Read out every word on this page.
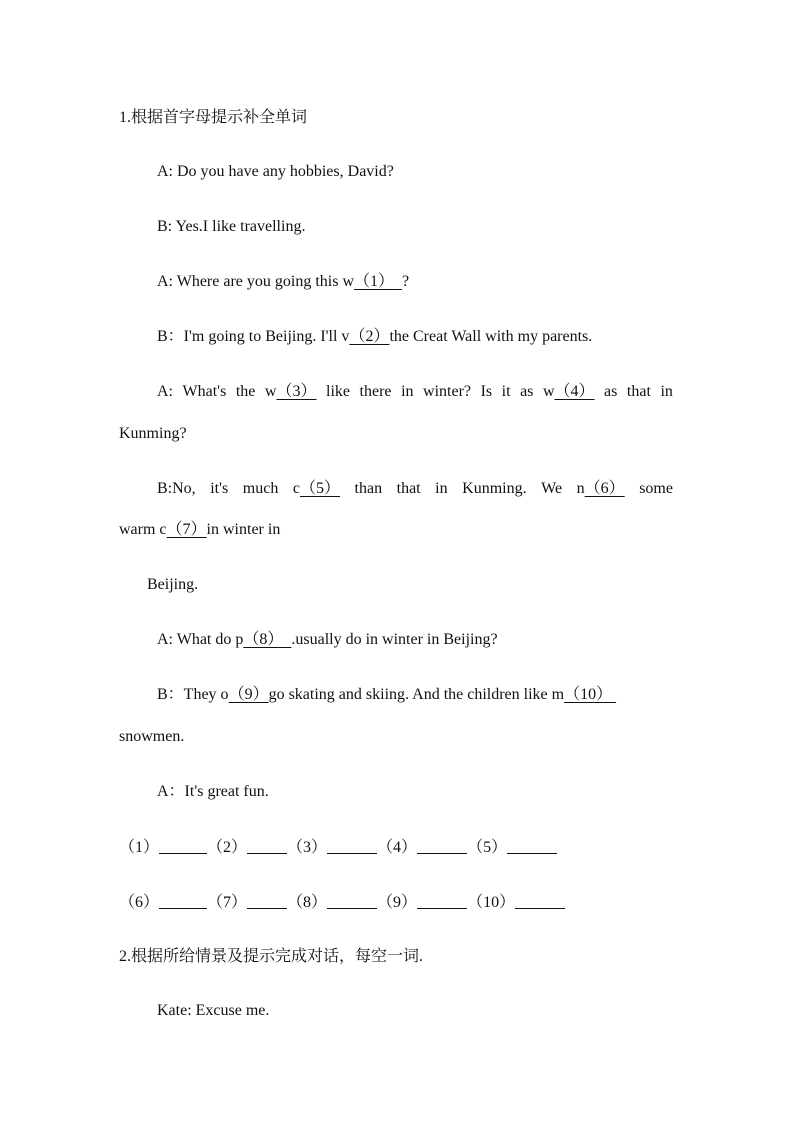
1.根据首字母提示补全单词
A: Do you have any hobbies, David?
B: Yes.I like travelling.
A: Where are you going this w（1） ?
B：I'm going to Beijing. I'll v（2）the Creat Wall with my parents.
A: What's the w（3） like there in winter? Is it as w（4） as that in
Kunming?
B:No, it's much c（5） than that in Kunming. We n（6） some
warm c（7）in winter in
Beijing.
A: What do p（8） .usually do in winter in Beijing?
B：They o（9）go skating and skiing. And the children like m（10）
snowmen.
A：It's great fun.
（1）	（2）	（3）	（4）	（5）
（6）	（7）	（8）	（9）	（10）
2.根据所给情景及提示完成对话，每空一词.
Kate: Excuse me.
